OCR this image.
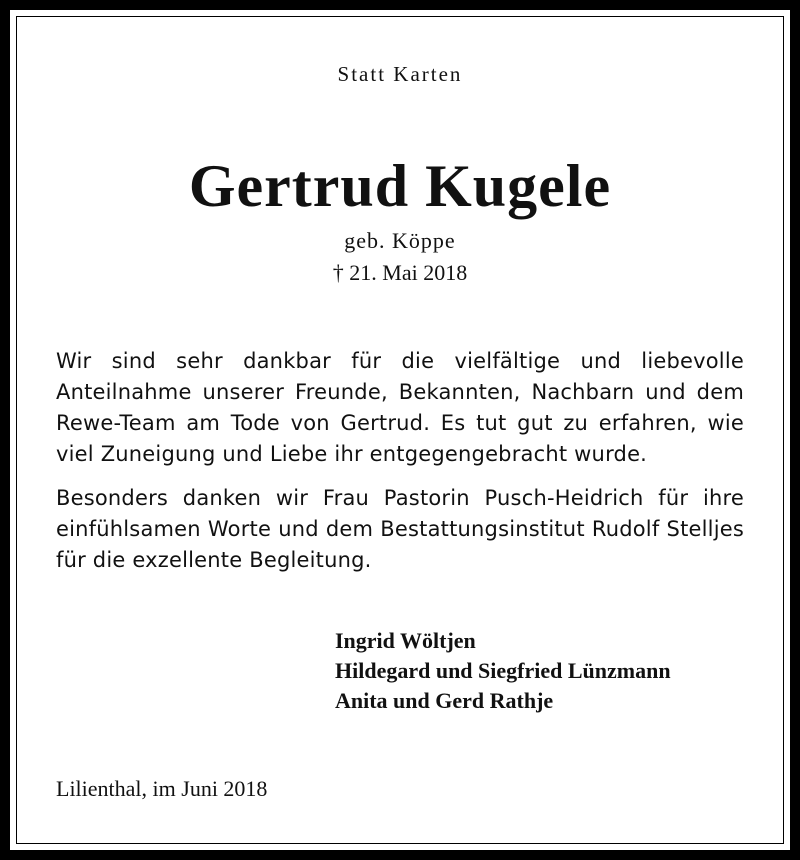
Statt Karten
Gertrud Kugele
geb. Köppe
† 21. Mai 2018
Wir sind sehr dankbar für die vielfältige und liebevolle Anteilnahme unserer Freunde, Bekannten, Nachbarn und dem Rewe-Team am Tode von Gertrud. Es tut gut zu erfahren, wie viel Zuneigung und Liebe ihr entgegengebracht wurde.
Besonders danken wir Frau Pastorin Pusch-Heidrich für ihre einfühlsamen Worte und dem Bestattungsinstitut Rudolf Stelljes für die exzellente Begleitung.
Ingrid Wöltjen
Hildegard und Siegfried Lünzmann
Anita und Gerd Rathje
Lilienthal, im Juni 2018
